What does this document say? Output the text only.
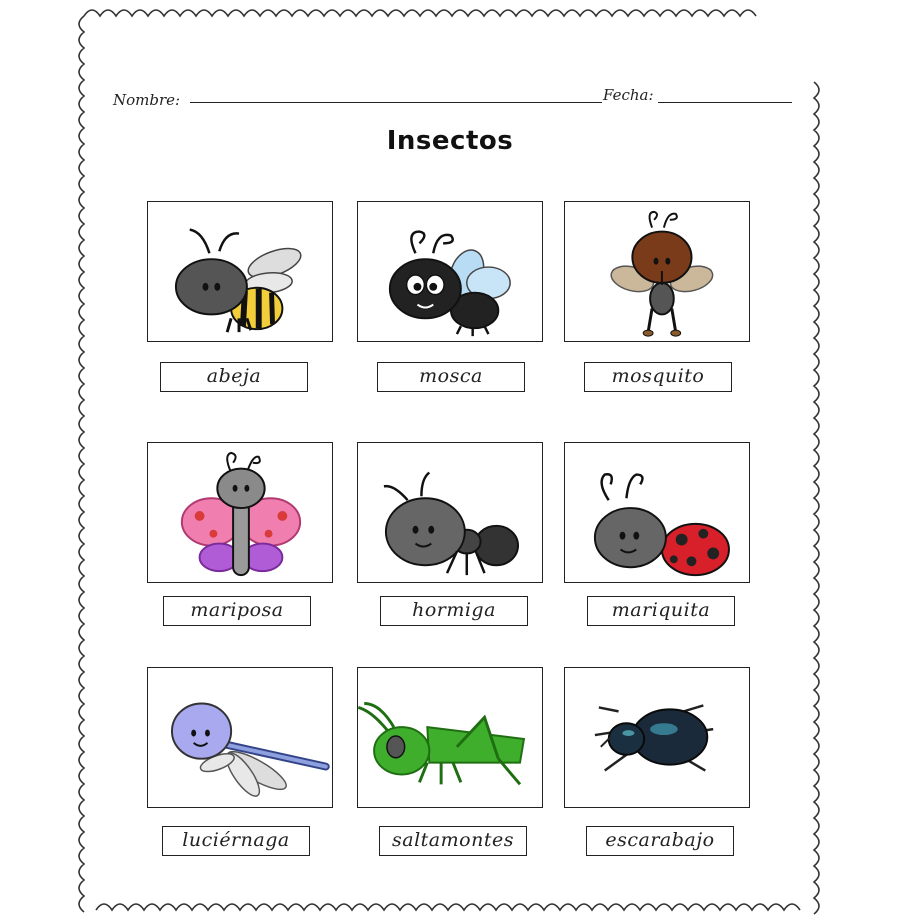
Nombre:	Fecha:
Insectos
abeja	mosca	mosquito
mariposa	hormiga	mariquita
luciérnaga	saltamontes	escarabajo
